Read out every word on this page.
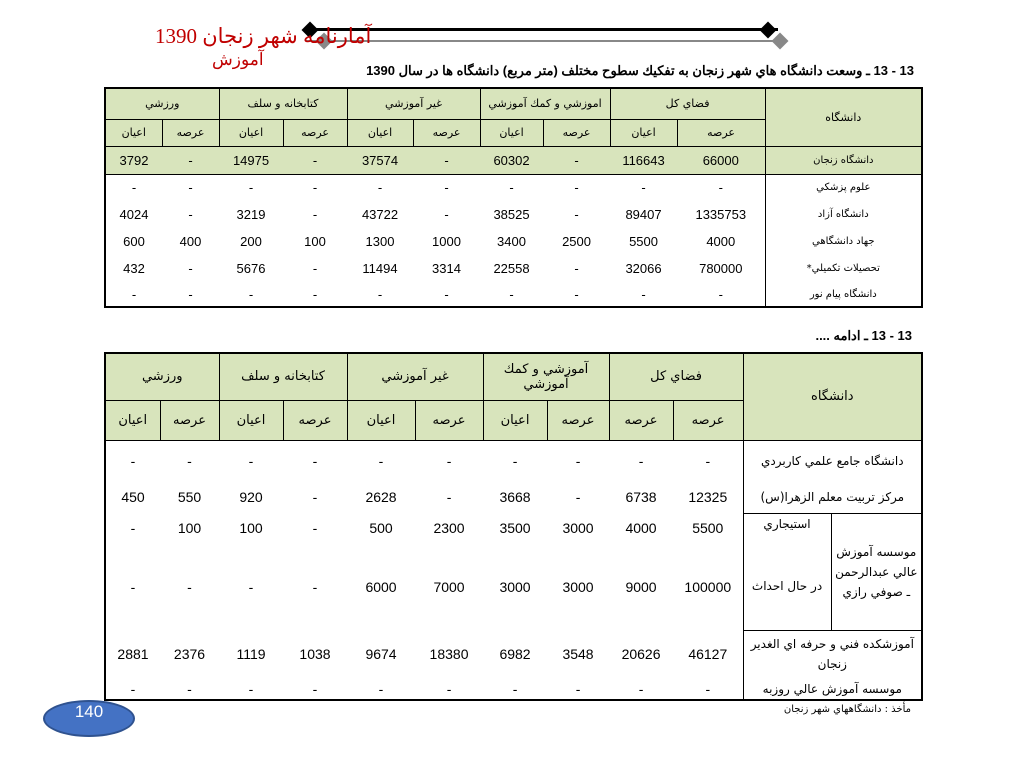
آمارنامه شهر زنجان 1390
آموزش
13 - 13 ـ وسعت دانشگاه هاي شهر زنجان به تفكيك سطوح مختلف (متر مربع) دانشگاه ها در سال 1390
ورزشي		كتابخانه و سلف		غير آموزشي		اموزشي و كمك آموزشي		فضاي كل		دانشگاه
اعيان	عرصه	اعيان	عرصه	اعيان	عرصه	اعيان	عرصه	اعيان	عرصه	
3792	-	14975	-	37574	-	60302	-	116643	66000	دانشگاه زنجان
-	-	-	-	-	-	-	-	-	-	علوم پزشكي
4024	-	3219	-	43722	-	38525	-	89407	1335753	دانشگاه آزاد
600	400	200	100	1300	1000	3400	2500	5500	4000	جهاد دانشگاهي
432	-	5676	-	11494	3314	22558	-	32066	780000	تحصيلات تكميلي*
-	-	-	-	-	-	-	-	-	-	دانشگاه پيام نور
13 - 13 ـ ادامه ....
ورزشي		كتابخانه و سلف		غير آموزشي		آموزشي و كمك آموزشي		فضاي كل		دانشگاه	
اعيان	عرصه	اعيان	عرصه	اعيان	عرصه	اعيان	عرصه	عرصه	عرصه		
-	-	-	-	-	-	-	-	-	-	دانشگاه جامع علمي كاربردي	
450	550	920	-	2628	-	3668	-	6738	12325	مركز تربيت معلم الزهرا(س)	
-	100	100	-	500	2300	3500	3000	4000	5500	استيجاري	موسسه آموزش عالي عبدالرحمن ـ صوفي رازي
-	-	-	-	6000	7000	3000	3000	9000	100000	در حال احداث	
2881	2376	1119	1038	9674	18380	6982	3548	20626	46127	آموزشكده فني و حرفه اي الغدير زنجان	
-	-	-	-	-	-	-	-	-	-	موسسه آموزش عالي روزبه	
مأخذ : دانشگاههاي شهر زنجان
140
